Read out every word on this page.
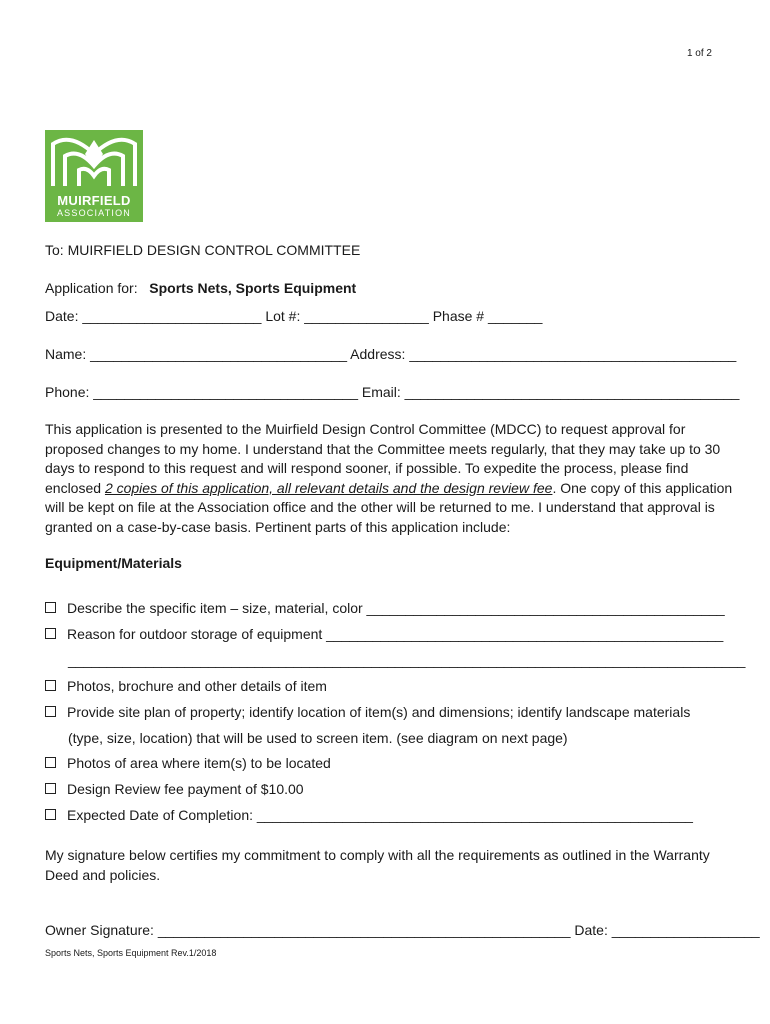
1 of 2
MUIRFIELD
ASSOCIATION
To: MUIRFIELD DESIGN CONTROL COMMITTEE
Application for: Sports Nets, Sports Equipment
Date: _______________________ Lot #: ________________ Phase # _______
Name: _________________________________ Address: __________________________________________
Phone: __________________________________ Email: ___________________________________________
This application is presented to the Muirfield Design Control Committee (MDCC) to request approval for proposed changes to my home. I understand that the Committee meets regularly, that they may take up to 30 days to respond to this request and will respond sooner, if possible. To expedite the process, please find enclosed 2 copies of this application, all relevant details and the design review fee. One copy of this application will be kept on file at the Association office and the other will be returned to me. I understand that approval is granted on a case-by-case basis. Pertinent parts of this application include:
Equipment/Materials
Describe the specific item – size, material, color ______________________________________________
Reason for outdoor storage of equipment ___________________________________________________
_______________________________________________________________________________________
Photos, brochure and other details of item
Provide site plan of property; identify location of item(s) and dimensions; identify landscape materials
(type, size, location) that will be used to screen item. (see diagram on next page)
Photos of area where item(s) to be located
Design Review fee payment of $10.00
Expected Date of Completion: ________________________________________________________
My signature below certifies my commitment to comply with all the requirements as outlined in the Warranty Deed and policies.
Owner Signature: _____________________________________________________ Date: ___________________
Sports Nets, Sports Equipment Rev.1/2018
